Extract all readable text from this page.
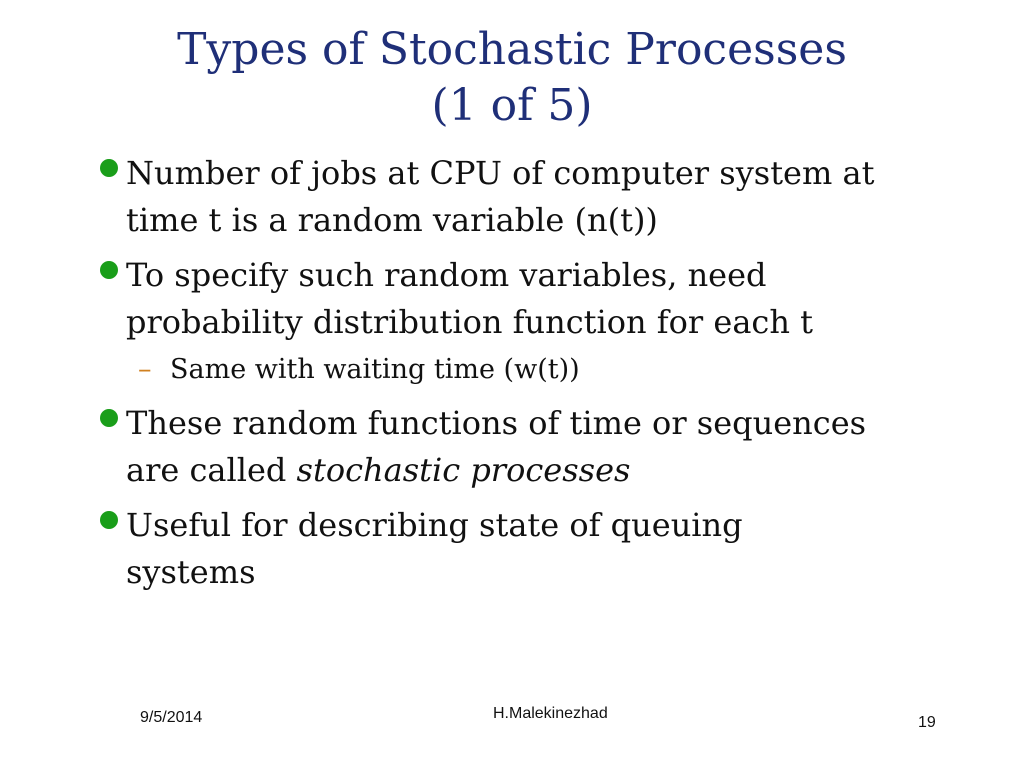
Types of Stochastic Processes
(1 of 5)
Number of jobs at CPU of computer system at
time t is a random variable (n(t))
To specify such random variables, need
probability distribution function for each t
– Same with waiting time (w(t))
These random functions of time or sequences
are called stochastic processes
Useful for describing state of queuing
systems
9/5/2014	H.Malekinezhad
19
